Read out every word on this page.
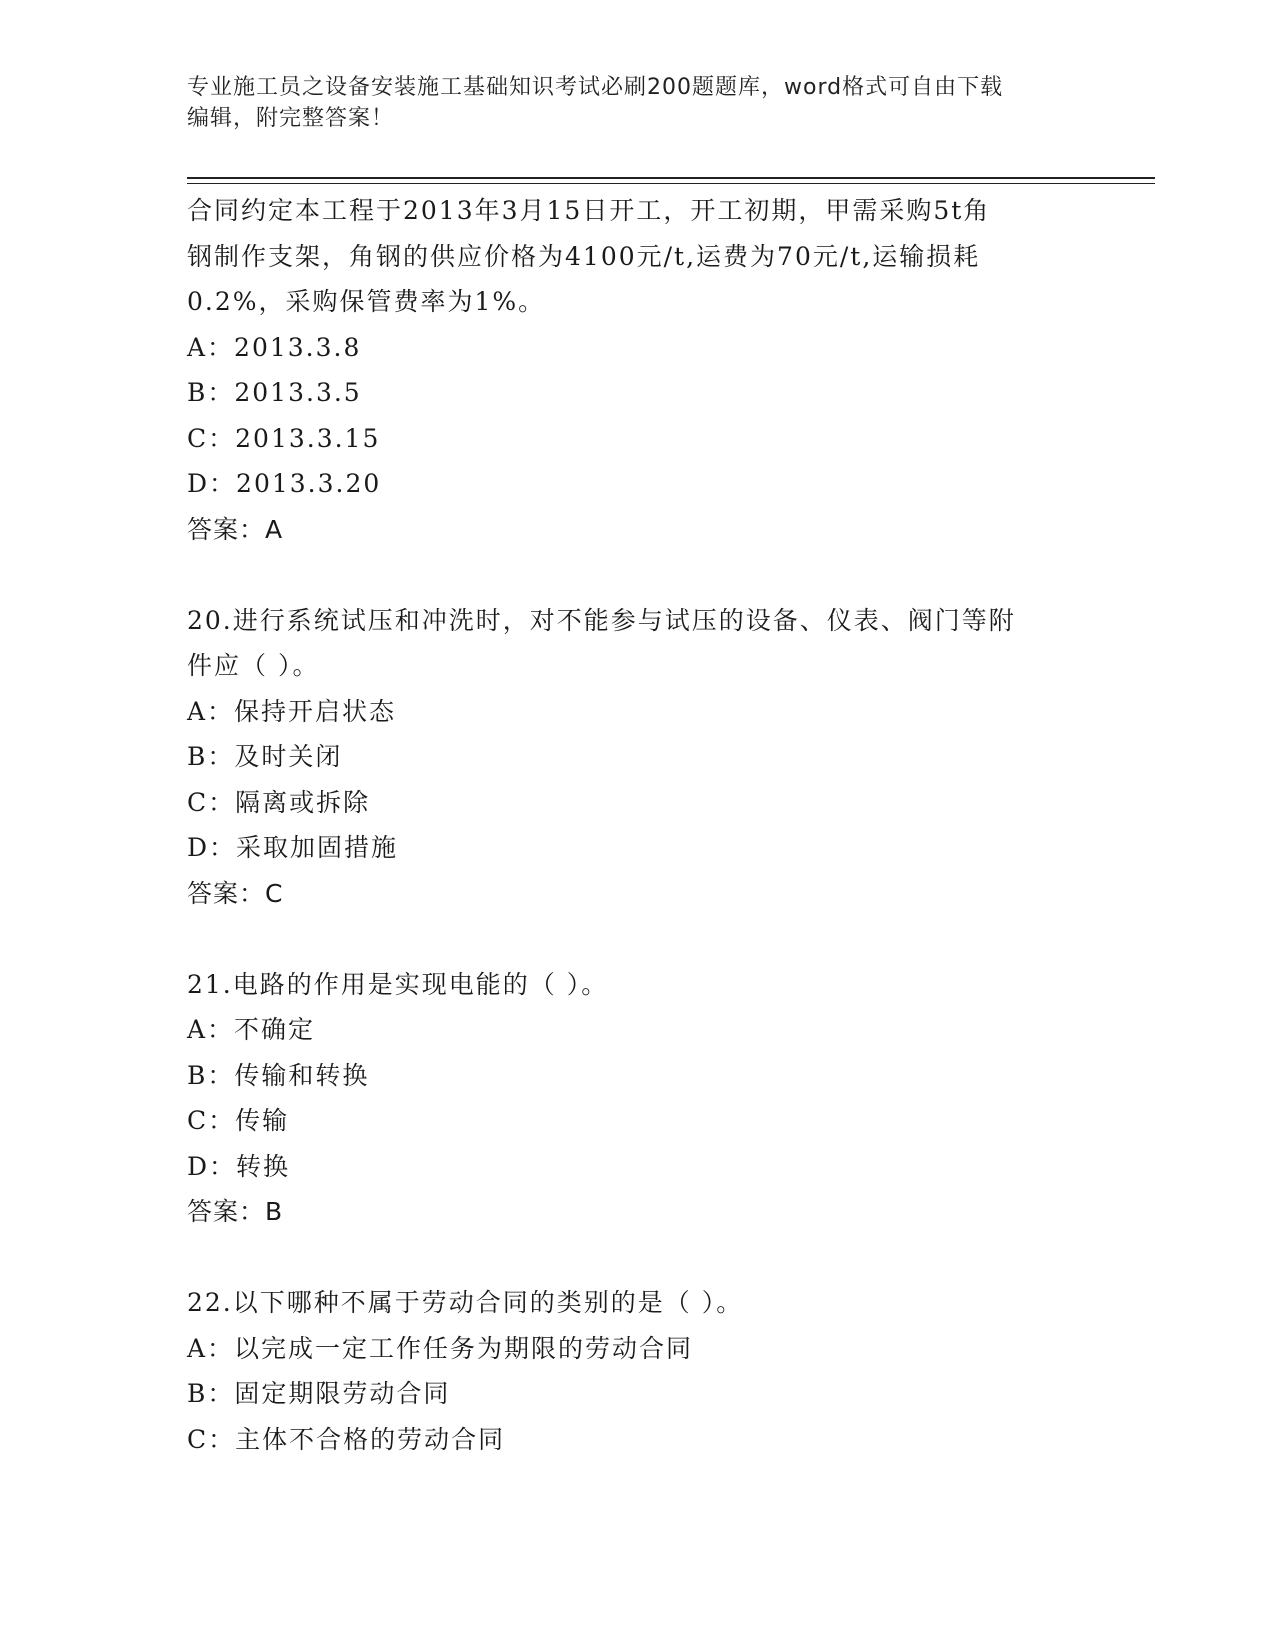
专业施工员之设备安装施工基础知识考试必刷200题题库，word格式可自由下载
编辑，附完整答案！
合同约定本工程于2013年3月15日开工，开工初期，甲需采购5t角
钢制作支架，角钢的供应价格为4100元/t,运费为70元/t,运输损耗
0.2%，采购保管费率为1%。
A：2013.3.8
B：2013.3.5
C：2013.3.15
D：2013.3.20
答案：A
20.进行系统试压和冲洗时，对不能参与试压的设备、仪表、阀门等附
件应（ ）。
A：保持开启状态
B：及时关闭
C：隔离或拆除
D：采取加固措施
答案：C
21.电路的作用是实现电能的（ ）。
A：不确定
B：传输和转换
C：传输
D：转换
答案：B
22.以下哪种不属于劳动合同的类别的是（ ）。
A：以完成一定工作任务为期限的劳动合同
B：固定期限劳动合同
C：主体不合格的劳动合同
